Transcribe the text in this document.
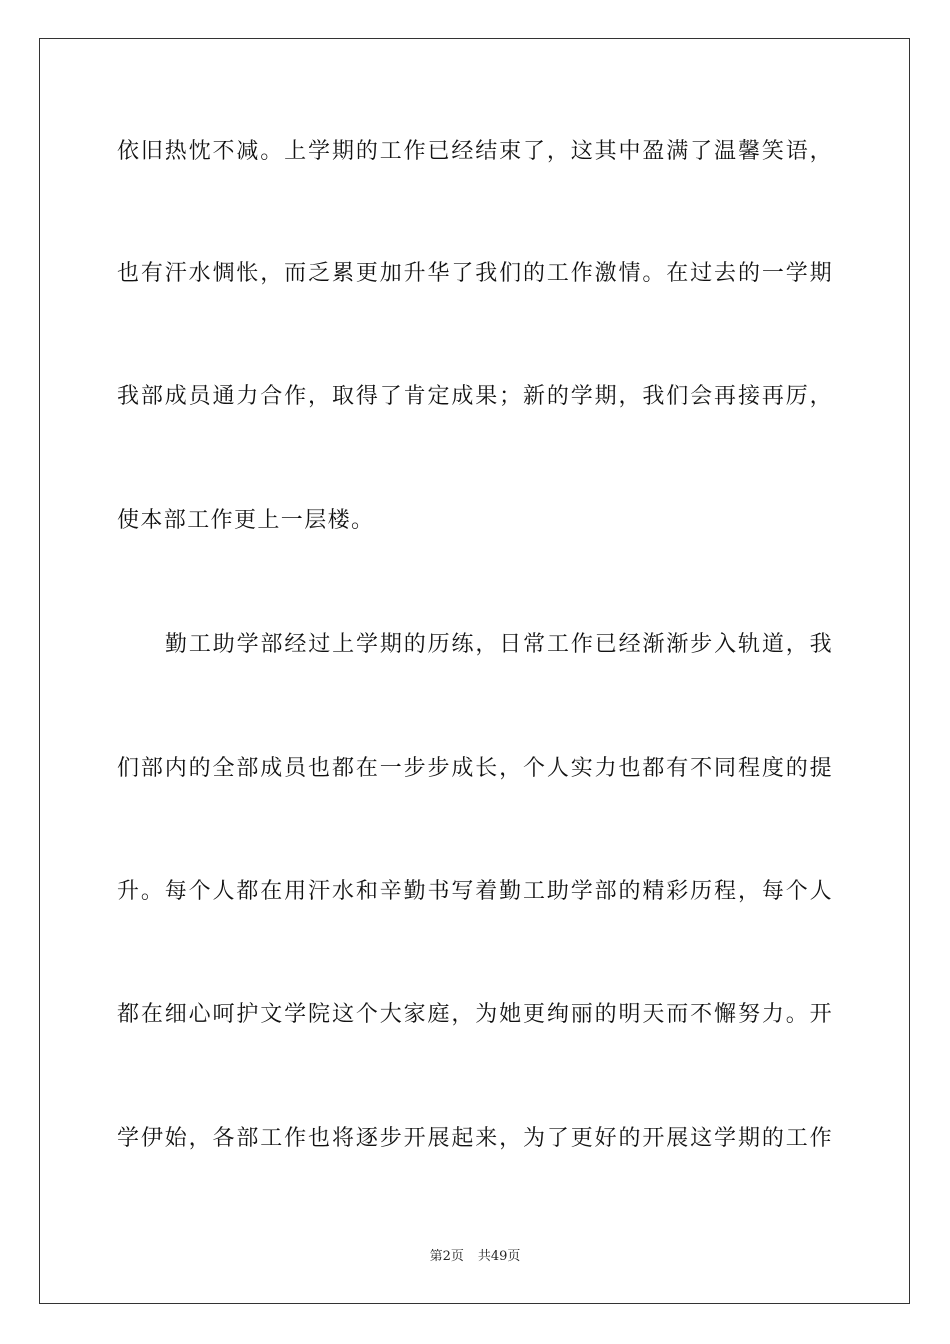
依旧热忱不减。上学期的工作已经结束了，这其中盈满了温馨笑语，
也有汗水惆怅，而乏累更加升华了我们的工作激情。在过去的一学期
我部成员通力合作，取得了肯定成果；新的学期，我们会再接再厉，
使本部工作更上一层楼。
勤工助学部经过上学期的历练，日常工作已经渐渐步入轨道，我
们部内的全部成员也都在一步步成长，个人实力也都有不同程度的提
升。每个人都在用汗水和辛勤书写着勤工助学部的精彩历程，每个人
都在细心呵护文学院这个大家庭，为她更绚丽的明天而不懈努力。开
学伊始，各部工作也将逐步开展起来，为了更好的开展这学期的工作
第2页 共49页
